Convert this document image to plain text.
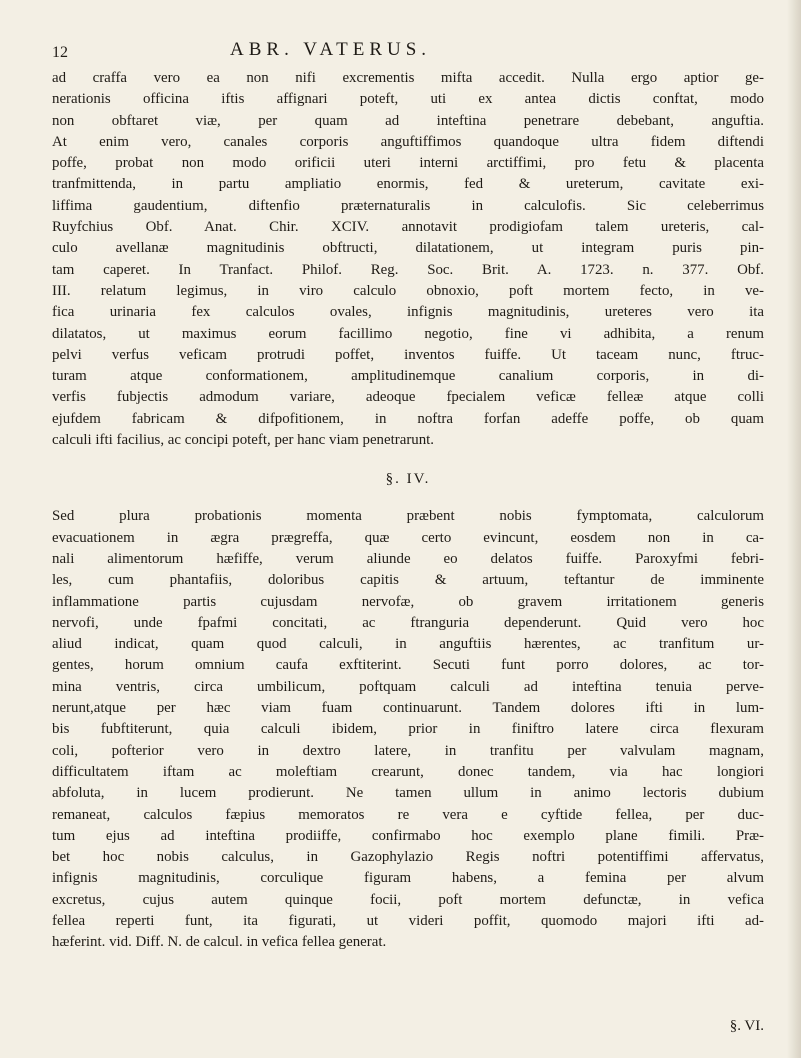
12	ABR. VATERUS.

ad craffa vero ea non nifi excrementis mifta accedit. Nulla ergo aptior ge-
nerationis officina iftis affignari poteft, uti ex antea dictis conftat, modo
non obftaret viæ, per quam ad inteftina penetrare debebant, anguftia.
At enim vero, canales corporis anguftiffimos quandoque ultra fidem diftendi
poffe, probat non modo orificii uteri interni arctiffimi, pro fetu & placenta
tranfmittenda, in partu ampliatio enormis, fed & ureterum, cavitate exi-
liffima gaudentium, diftenfio præternaturalis in calculofis. Sic celeberrimus
Ruyfchius Obf. Anat. Chir. XCIV. annotavit prodigiofam talem ureteris, cal-
culo avellanæ magnitudinis obftructi, dilatationem, ut integram puris pin-
tam caperet. In Tranfact. Philof. Reg. Soc. Brit. A. 1723. n. 377. Obf.
III. relatum legimus, in viro calculo obnoxio, poft mortem fecto, in ve-
fica urinaria fex calculos ovales, infignis magnitudinis, ureteres vero ita
dilatatos, ut maximus eorum facillimo negotio, fine vi adhibita, a renum
pelvi verfus veficam protrudi poffet, inventos fuiffe. Ut taceam nunc, ftruc-
turam atque conformationem, amplitudinemque canalium corporis, in di-
verfis fubjectis admodum variare, adeoque fpecialem veficæ felleæ atque colli
ejufdem fabricam & difpofitionem, in noftra forfan adeffe poffe, ob quam
calculi ifti facilius, ac concipi poteft, per hanc viam penetrarunt.

§. IV.

Sed plura probationis momenta præbent nobis fymptomata, calculorum
evacuationem in ægra prægreffa, quæ certo evincunt, eosdem non in ca-
nali alimentorum hæfiffe, verum aliunde eo delatos fuiffe. Paroxyfmi febri-
les, cum phantafiis, doloribus capitis & artuum, teftantur de imminente
inflammatione partis cujusdam nervofæ, ob gravem irritationem generis
nervofi, unde fpafmi concitati, ac ftranguria dependerunt. Quid vero hoc
aliud indicat, quam quod calculi, in anguftiis hærentes, ac tranfitum ur-
gentes, horum omnium caufa exftiterint. Secuti funt porro dolores, ac tor-
mina ventris, circa umbilicum, poftquam calculi ad inteftina tenuia perve-
nerunt,atque per hæc viam fuam continuarunt. Tandem dolores ifti in lum-
bis fubftiterunt, quia calculi ibidem, prior in finiftro latere circa flexuram
coli, pofterior vero in dextro latere, in tranfitu per valvulam magnam,
difficultatem iftam ac moleftiam crearunt, donec tandem, via hac longiori
abfoluta, in lucem prodierunt. Ne tamen ullum in animo lectoris dubium
remaneat, calculos fæpius memoratos re vera e cyftide fellea, per duc-
tum ejus ad inteftina prodiiffe, confirmabo hoc exemplo plane fimili. Præ-
bet hoc nobis calculus, in Gazophylazio Regis noftri potentiffimi affervatus,
infignis magnitudinis, corculique figuram habens, a femina per alvum
excretus, cujus autem quinque focii, poft mortem defunctæ, in vefica
fellea reperti funt, ita figurati, ut videri poffit, quomodo majori ifti ad-
hæferint. vid. Diff. N. de calcul. in vefica fellea generat.

§. VI.
